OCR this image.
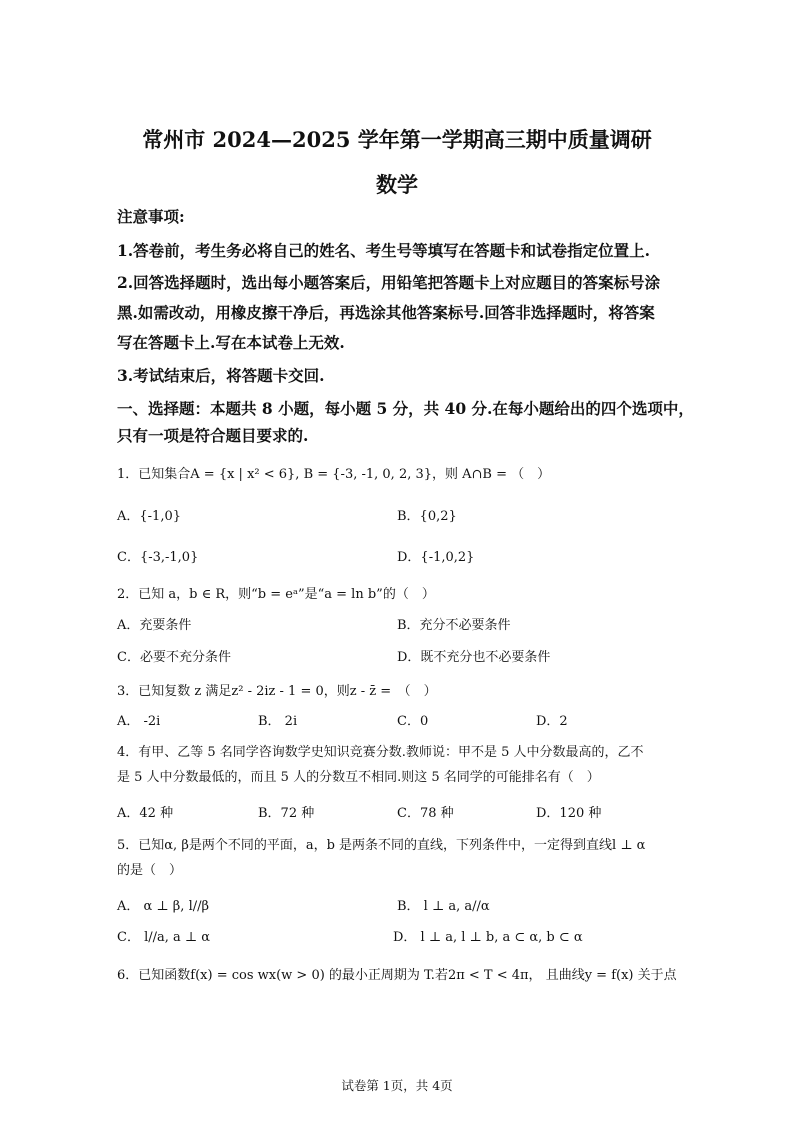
常州市 2024—2025 学年第一学期高三期中质量调研
数学
注意事项:
1.答卷前，考生务必将自己的姓名、考生号等填写在答题卡和试卷指定位置上.
2.回答选择题时，选出每小题答案后，用铅笔把答题卡上对应题目的答案标号涂
黑.如需改动，用橡皮擦干净后，再选涂其他答案标号.回答非选择题时，将答案
写在答题卡上.写在本试卷上无效.
3.考试结束后，将答题卡交回.
一、选择题：本题共 8 小题，每小题 5 分，共 40 分.在每小题给出的四个选项中，
只有一项是符合题目要求的.
1．已知集合A = {x | x² < 6}, B = {-3, -1, 0, 2, 3}，则 A∩B = （　）
A．{-1,0}	B．{0,2}
C．{-3,-1,0}	D．{-1,0,2}
2．已知 a，b ∈ R，则“b = eᵃ”是“a = ln b”的（　）
A．充要条件	B．充分不必要条件
C．必要不充分条件	D．既不充分也不必要条件
3．已知复数 z 满足z² - 2iz - 1 = 0，则z - z̄ =　（　）
A． -2i	B． 2i	C．0	D．2
4．有甲、乙等 5 名同学咨询数学史知识竞赛分数.教师说：甲不是 5 人中分数最高的，乙不
是 5 人中分数最低的，而且 5 人的分数互不相同.则这 5 名同学的可能排名有（　）
A．42 种	B．72 种	C．78 种	D．120 种
5．已知α, β是两个不同的平面，a，b 是两条不同的直线，下列条件中，一定得到直线l ⊥ α
的是（　）
A． α ⊥ β, l//β	B． l ⊥ a, a//α
C． l//a, a ⊥ α	D． l ⊥ a, l ⊥ b, a ⊂ α, b ⊂ α
6．已知函数f(x) = cos wx(w > 0) 的最小正周期为 T.若2π < T < 4π， 且曲线y = f(x) 关于点
试卷第 1页，共 4页
